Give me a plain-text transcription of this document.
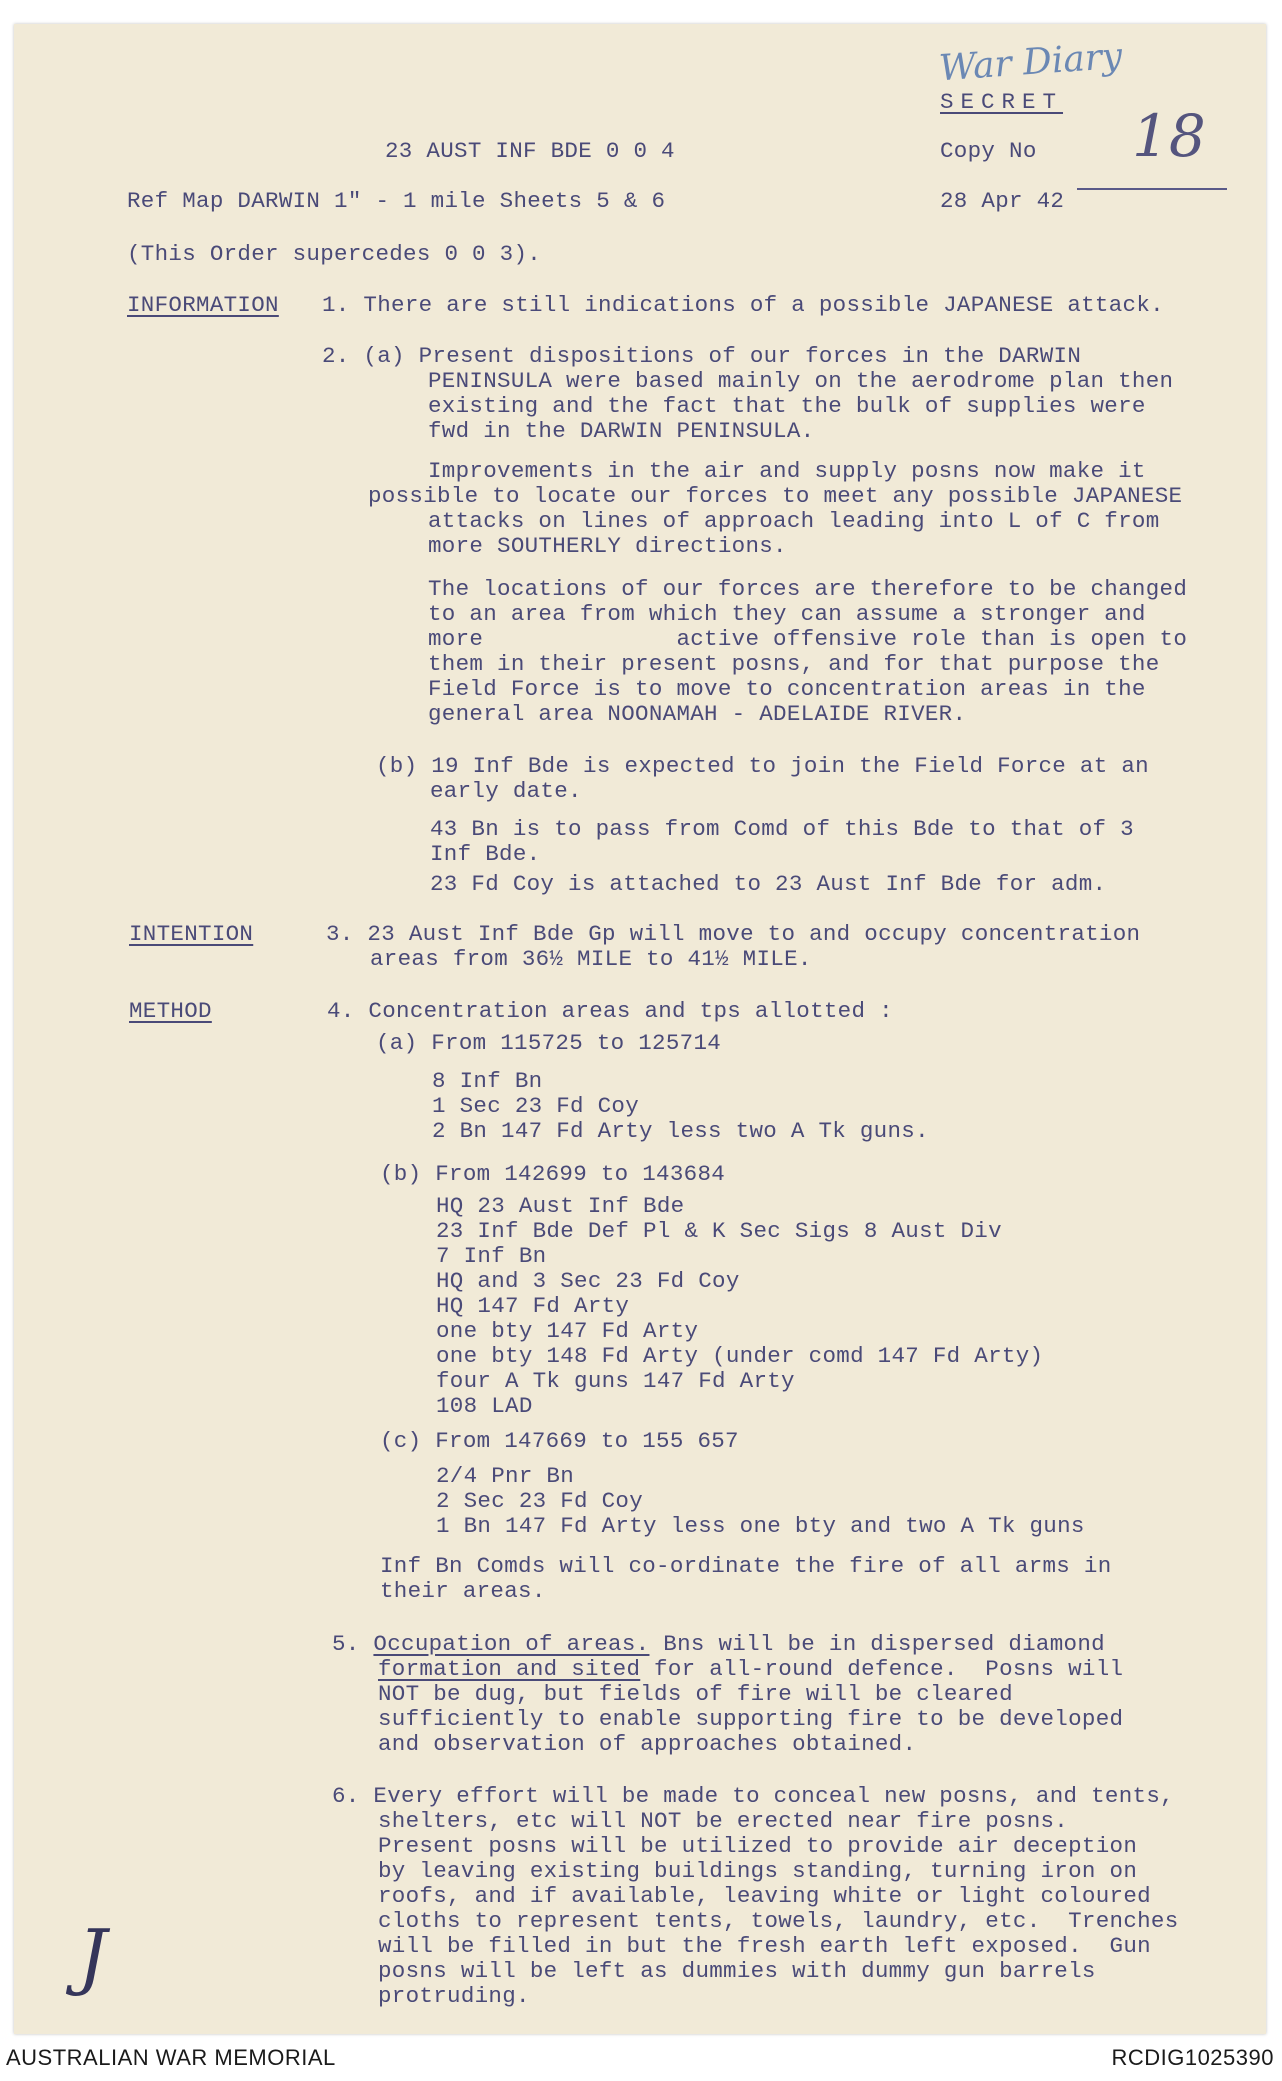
War Diary
SECRET
Copy No 18
23 AUST INF BDE 0 0 4
Ref Map DARWIN 1" - 1 mile Sheets 5 & 6	28 Apr 42
(This Order supercedes 0 0 3).
INFORMATION 1. There are still indications of a possible JAPANESE attack.
2. (a) Present dispositions of our forces in the DARWIN
PENINSULA were based mainly on the aerodrome plan then
existing and the fact that the bulk of supplies were
fwd in the DARWIN PENINSULA.
Improvements in the air and supply posns now make it
possible to locate our forces to meet any possible JAPANESE
attacks on lines of approach leading into L of C from
more SOUTHERLY directions.
The locations of our forces are therefore to be changed
to an area from which they can assume a stronger and
more              active offensive role than is open to
them in their present posns, and for that purpose the
Field Force is to move to concentration areas in the
general area NOONAMAH - ADELAIDE RIVER.
(b) 19 Inf Bde is expected to join the Field Force at an
early date.
43 Bn is to pass from Comd of this Bde to that of 3
Inf Bde.
23 Fd Coy is attached to 23 Aust Inf Bde for adm.
INTENTION	3. 23 Aust Inf Bde Gp will move to and occupy concentration
areas from 36½ MILE to 41½ MILE.
METHOD	4. Concentration areas and tps allotted :
(a) From 115725 to 125714
8 Inf Bn
1 Sec 23 Fd Coy
2 Bn 147 Fd Arty less two A Tk guns.
(b) From 142699 to 143684
HQ 23 Aust Inf Bde
23 Inf Bde Def Pl & K Sec Sigs 8 Aust Div
7 Inf Bn
HQ and 3 Sec 23 Fd Coy
HQ 147 Fd Arty
one bty 147 Fd Arty
one bty 148 Fd Arty (under comd 147 Fd Arty)
four A Tk guns 147 Fd Arty
108 LAD
(c) From 147669 to 155 657
2/4 Pnr Bn
2 Sec 23 Fd Coy
1 Bn 147 Fd Arty less one bty and two A Tk guns
Inf Bn Comds will co-ordinate the fire of all arms in
their areas.
5. Occupation of areas. Bns will be in dispersed diamond
formation and sited for all-round defence.  Posns will
NOT be dug, but fields of fire will be cleared
sufficiently to enable supporting fire to be developed
and observation of approaches obtained.
6. Every effort will be made to conceal new posns, and tents,
shelters, etc will NOT be erected near fire posns.
Present posns will be utilized to provide air deception
by leaving existing buildings standing, turning iron on
roofs, and if available, leaving white or light coloured
cloths to represent tents, towels, laundry, etc.  Trenches
will be filled in but the fresh earth left exposed.  Gun
posns will be left as dummies with dummy gun barrels
protruding.
J
AUSTRALIAN WAR MEMORIAL	RCDIG1025390
